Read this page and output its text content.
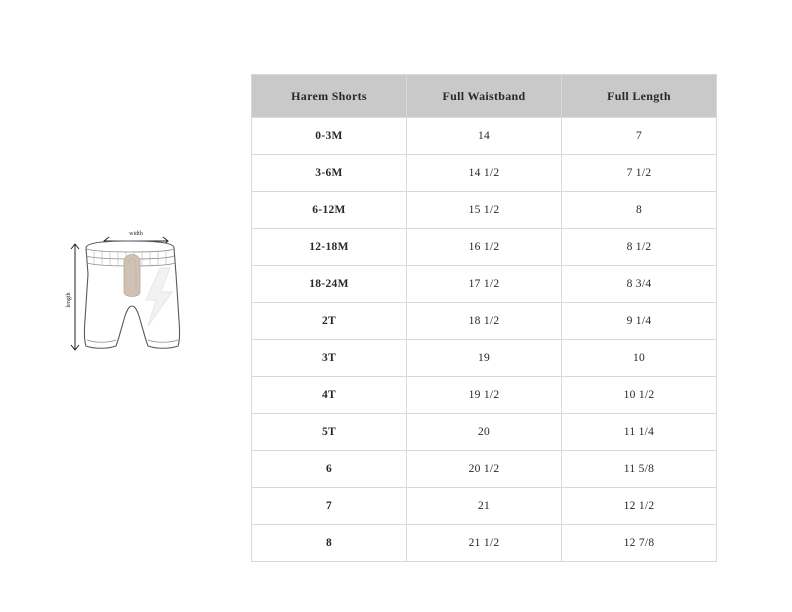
width
length
Harem Shorts	Full Waistband	Full Length
0-3M	14	7
3-6M	14 1/2	7 1/2
6-12M	15 1/2	8
12-18M	16 1/2	8 1/2
18-24M	17 1/2	8 3/4
2T	18 1/2	9 1/4
3T	19	10
4T	19 1/2	10 1/2
5T	20	11 1/4
6	20 1/2	11 5/8
7	21	12 1/2
8	21 1/2	12 7/8
